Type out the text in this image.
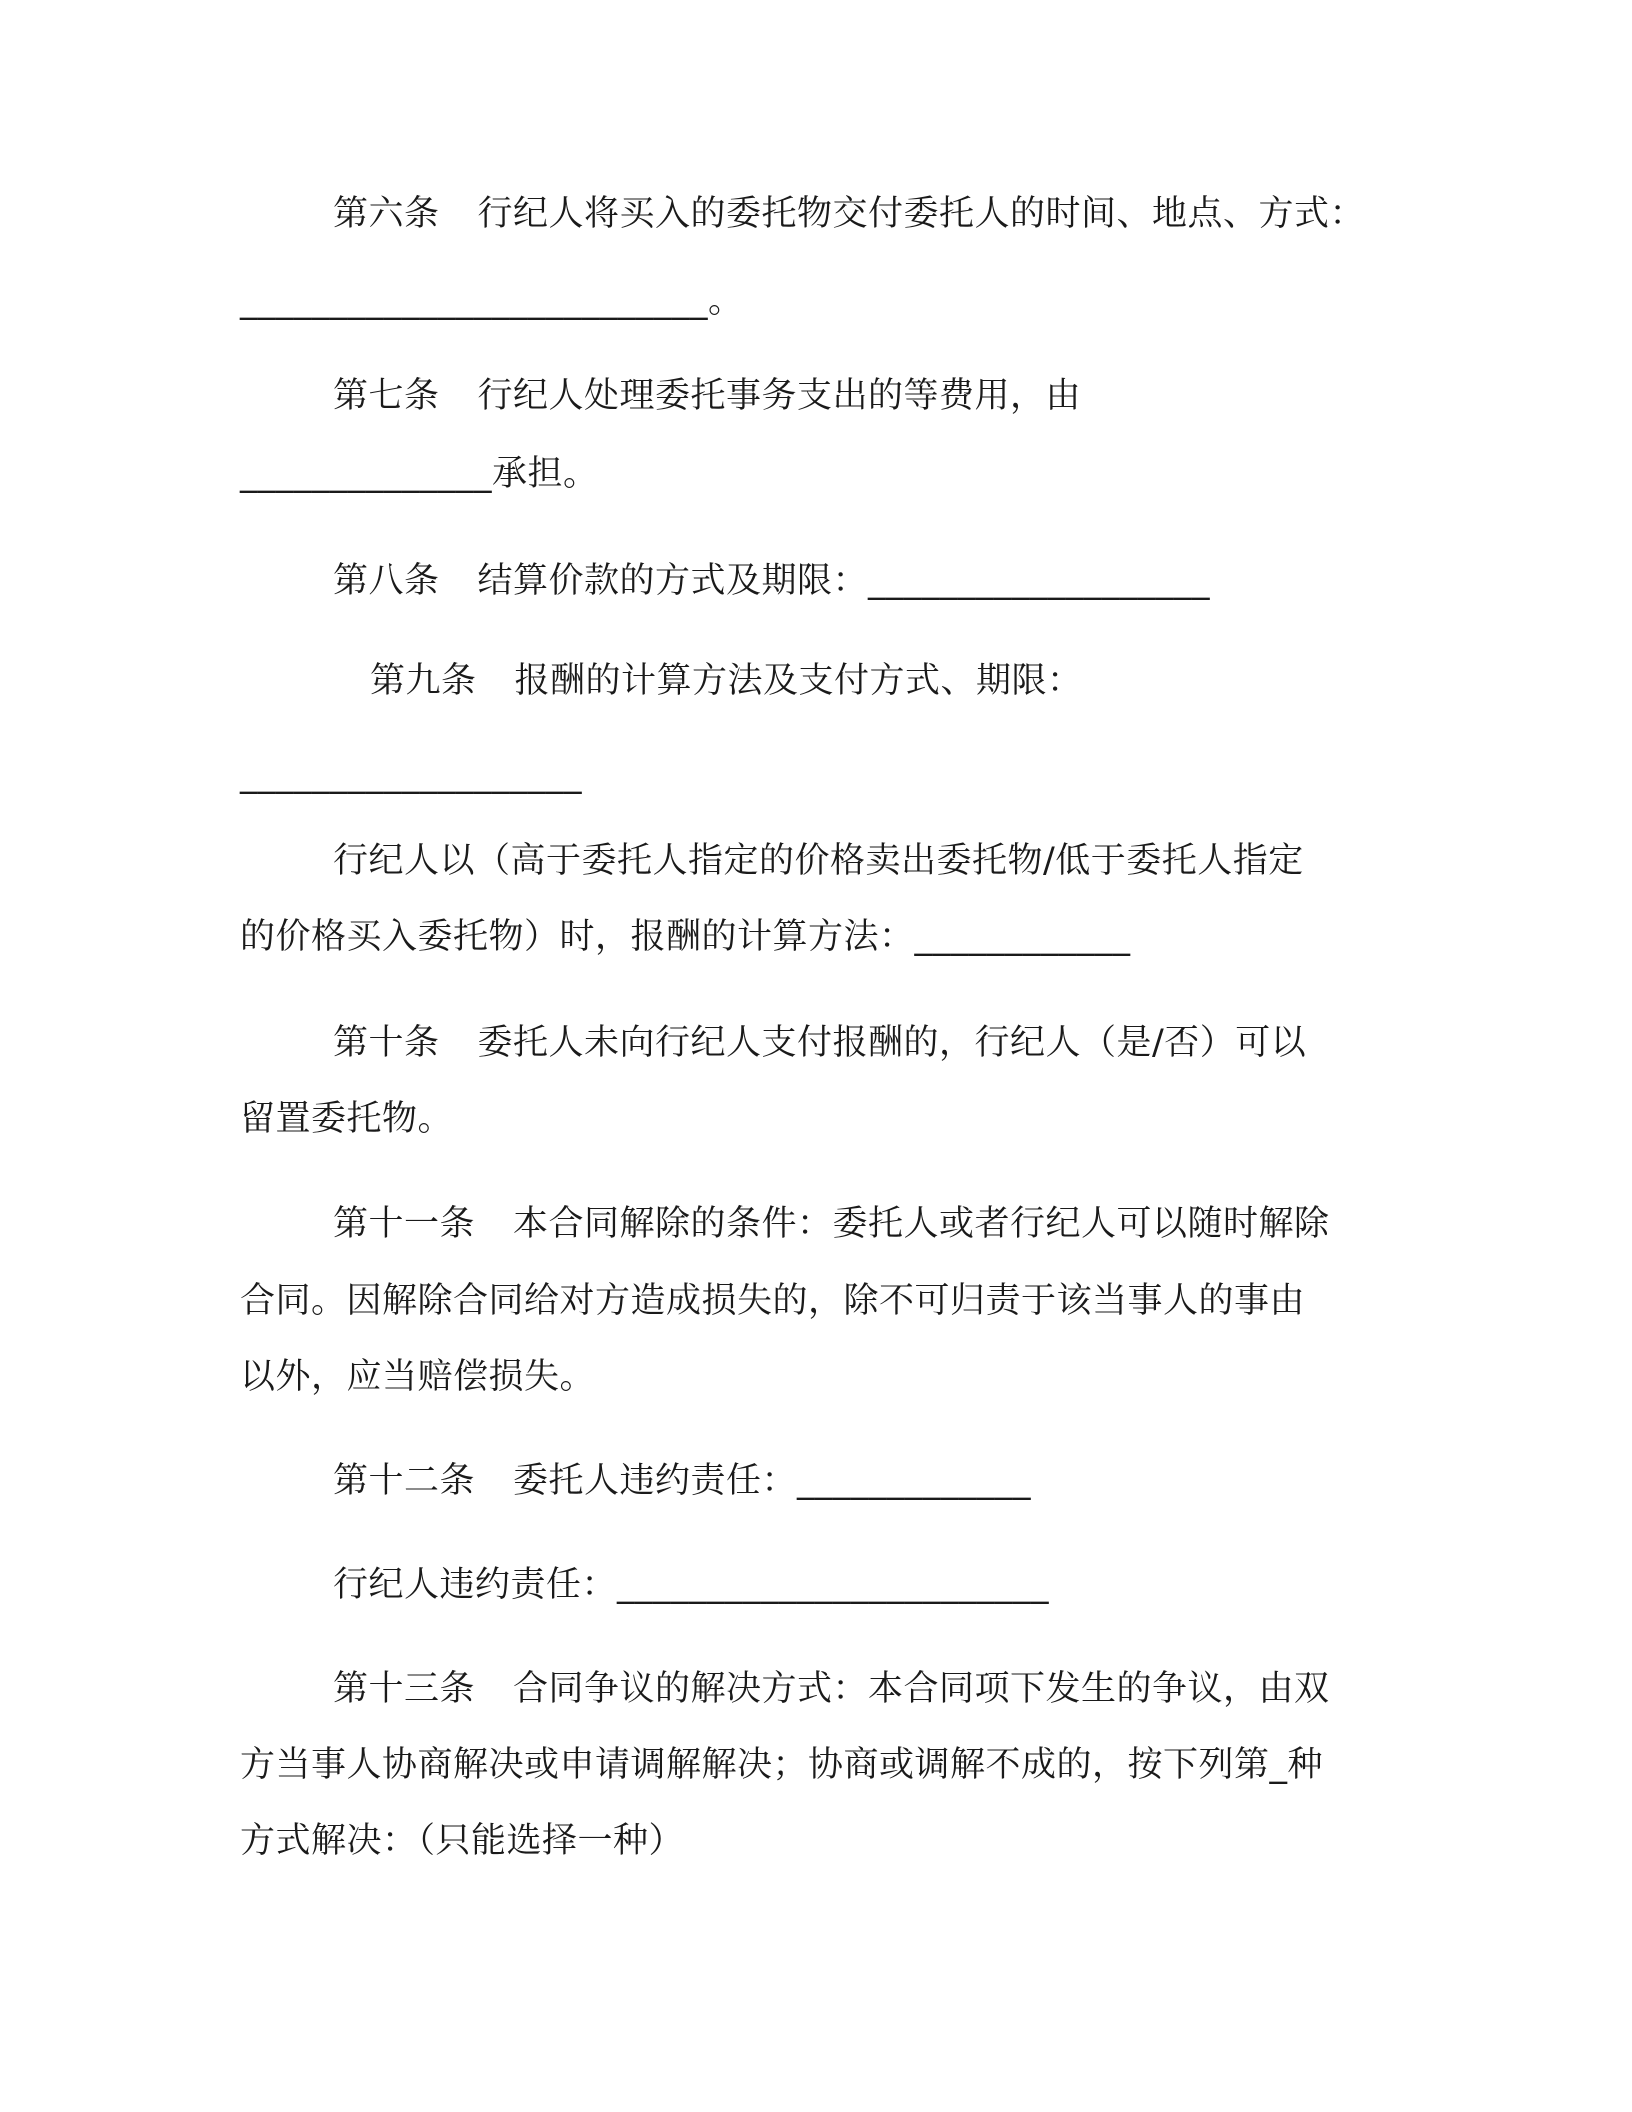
第六条 行纪人将买入的委托物交付委托人的时间、地点、方式：
__________________________。
第七条 行纪人处理委托事务支出的等费用，由
______________承担。
第八条 结算价款的方式及期限：___________________
第九条 报酬的计算方法及支付方式、期限：
___________________
行纪人以（高于委托人指定的价格卖出委托物/低于委托人指定
的价格买入委托物）时，报酬的计算方法：____________
第十条 委托人未向行纪人支付报酬的，行纪人（是/否）可以
留置委托物。
第十一条 本合同解除的条件：委托人或者行纪人可以随时解除
合同。因解除合同给对方造成损失的，除不可归责于该当事人的事由
以外，应当赔偿损失。
第十二条 委托人违约责任：_____________
行纪人违约责任：________________________
第十三条 合同争议的解决方式：本合同项下发生的争议，由双
方当事人协商解决或申请调解解决；协商或调解不成的，按下列第_种
方式解决：（只能选择一种）
